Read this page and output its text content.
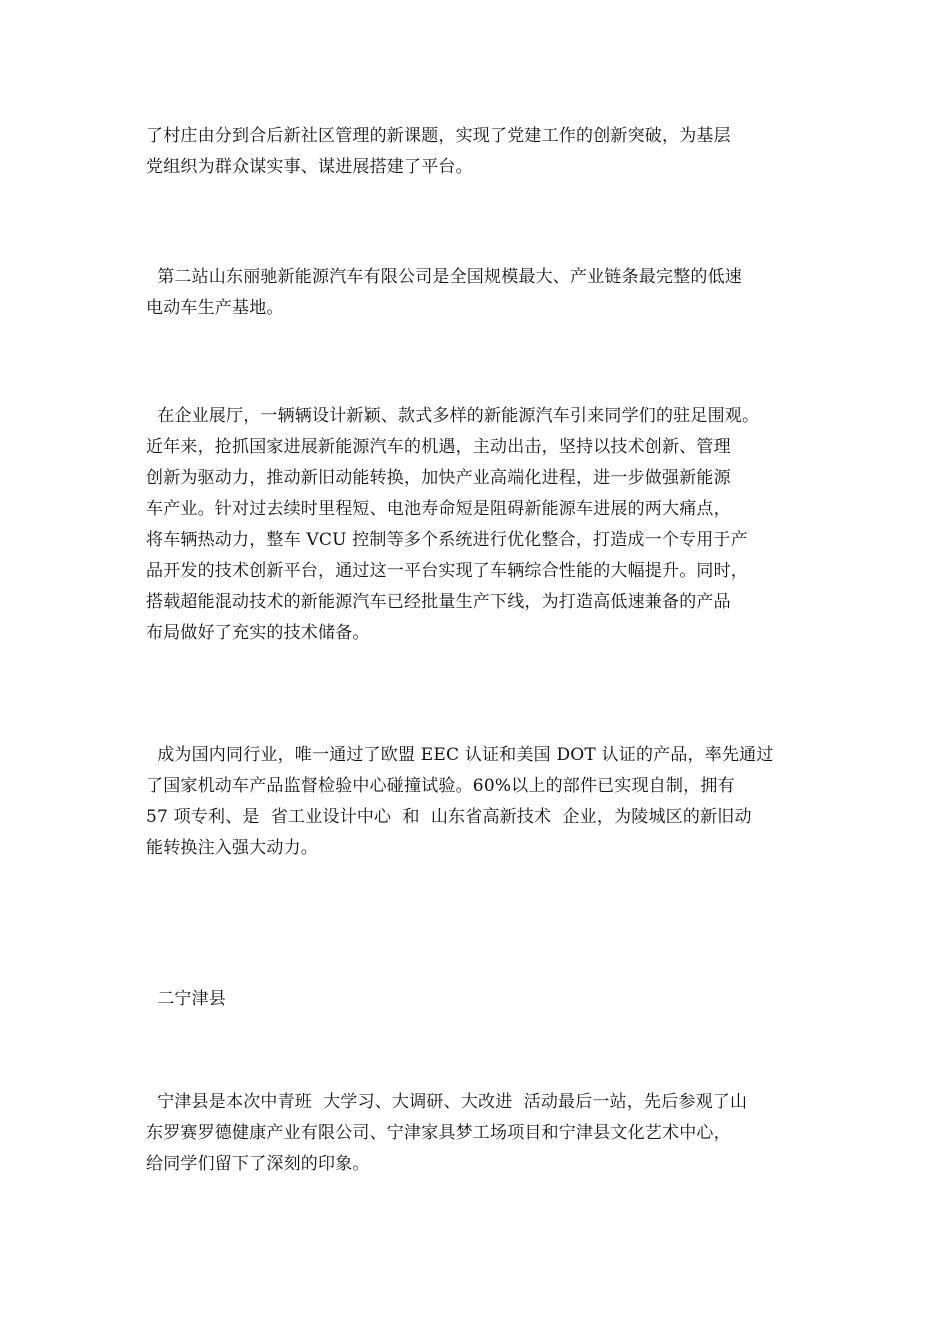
了村庄由分到合后新社区管理的新课题，实现了党建工作的创新突破，为基层
党组织为群众谋实事、谋进展搭建了平台。
第二站山东丽驰新能源汽车有限公司是全国规模最大、产业链条最完整的低速
电动车生产基地。
在企业展厅，一辆辆设计新颖、款式多样的新能源汽车引来同学们的驻足围观。
近年来，抢抓国家进展新能源汽车的机遇，主动出击，坚持以技术创新、管理
创新为驱动力，推动新旧动能转换，加快产业高端化进程，进一步做强新能源
车产业。针对过去续时里程短、电池寿命短是阻碍新能源车进展的两大痛点，
将车辆热动力，整车 VCU 控制等多个系统进行优化整合，打造成一个专用于产
品开发的技术创新平台，通过这一平台实现了车辆综合性能的大幅提升。同时，
搭载超能混动技术的新能源汽车已经批量生产下线，为打造高低速兼备的产品
布局做好了充实的技术储备。
成为国内同行业，唯一通过了欧盟 EEC 认证和美国 DOT 认证的产品，率先通过
了国家机动车产品监督检验中心碰撞试验。60%以上的部件已实现自制，拥有
57 项专利、是  省工业设计中心  和  山东省高新技术  企业，为陵城区的新旧动
能转换注入强大动力。
二宁津县
宁津县是本次中青班  大学习、大调研、大改进  活动最后一站，先后参观了山
东罗赛罗德健康产业有限公司、宁津家具梦工场项目和宁津县文化艺术中心，
给同学们留下了深刻的印象。
